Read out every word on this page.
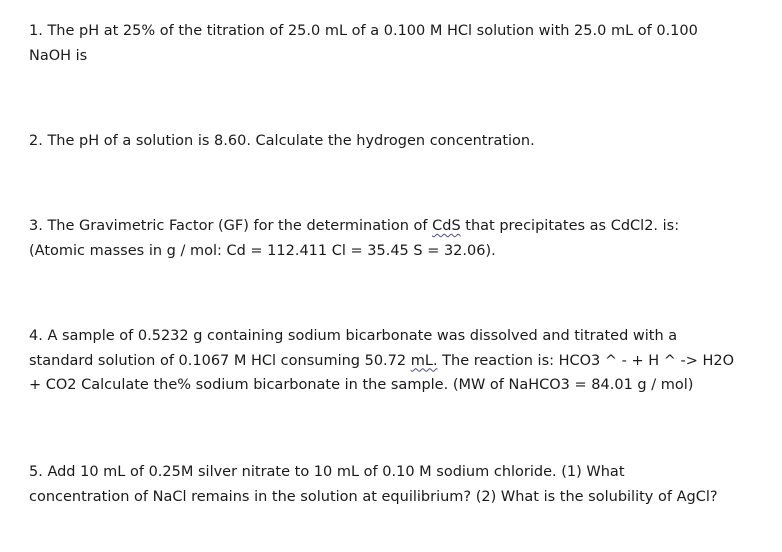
1. The pH at 25% of the titration of 25.0 mL of a 0.100 M HCl solution with 25.0 mL of 0.100

NaOH is

2. The pH of a solution is 8.60. Calculate the hydrogen concentration.

3. The Gravimetric Factor (GF) for the determination of CdS that precipitates as CdCl2. is:

(Atomic masses in g / mol: Cd = 112.411 Cl = 35.45 S = 32.06).

4. A sample of 0.5232 g containing sodium bicarbonate was dissolved and titrated with a

standard solution of 0.1067 M HCl consuming 50.72 mL. The reaction is: HCO3 ^ - + H ^ -> H2O

+ CO2 Calculate the% sodium bicarbonate in the sample. (MW of NaHCO3 = 84.01 g / mol)

5. Add 10 mL of 0.25M silver nitrate to 10 mL of 0.10 M sodium chloride. (1) What

concentration of NaCl remains in the solution at equilibrium? (2) What is the solubility of AgCl?
